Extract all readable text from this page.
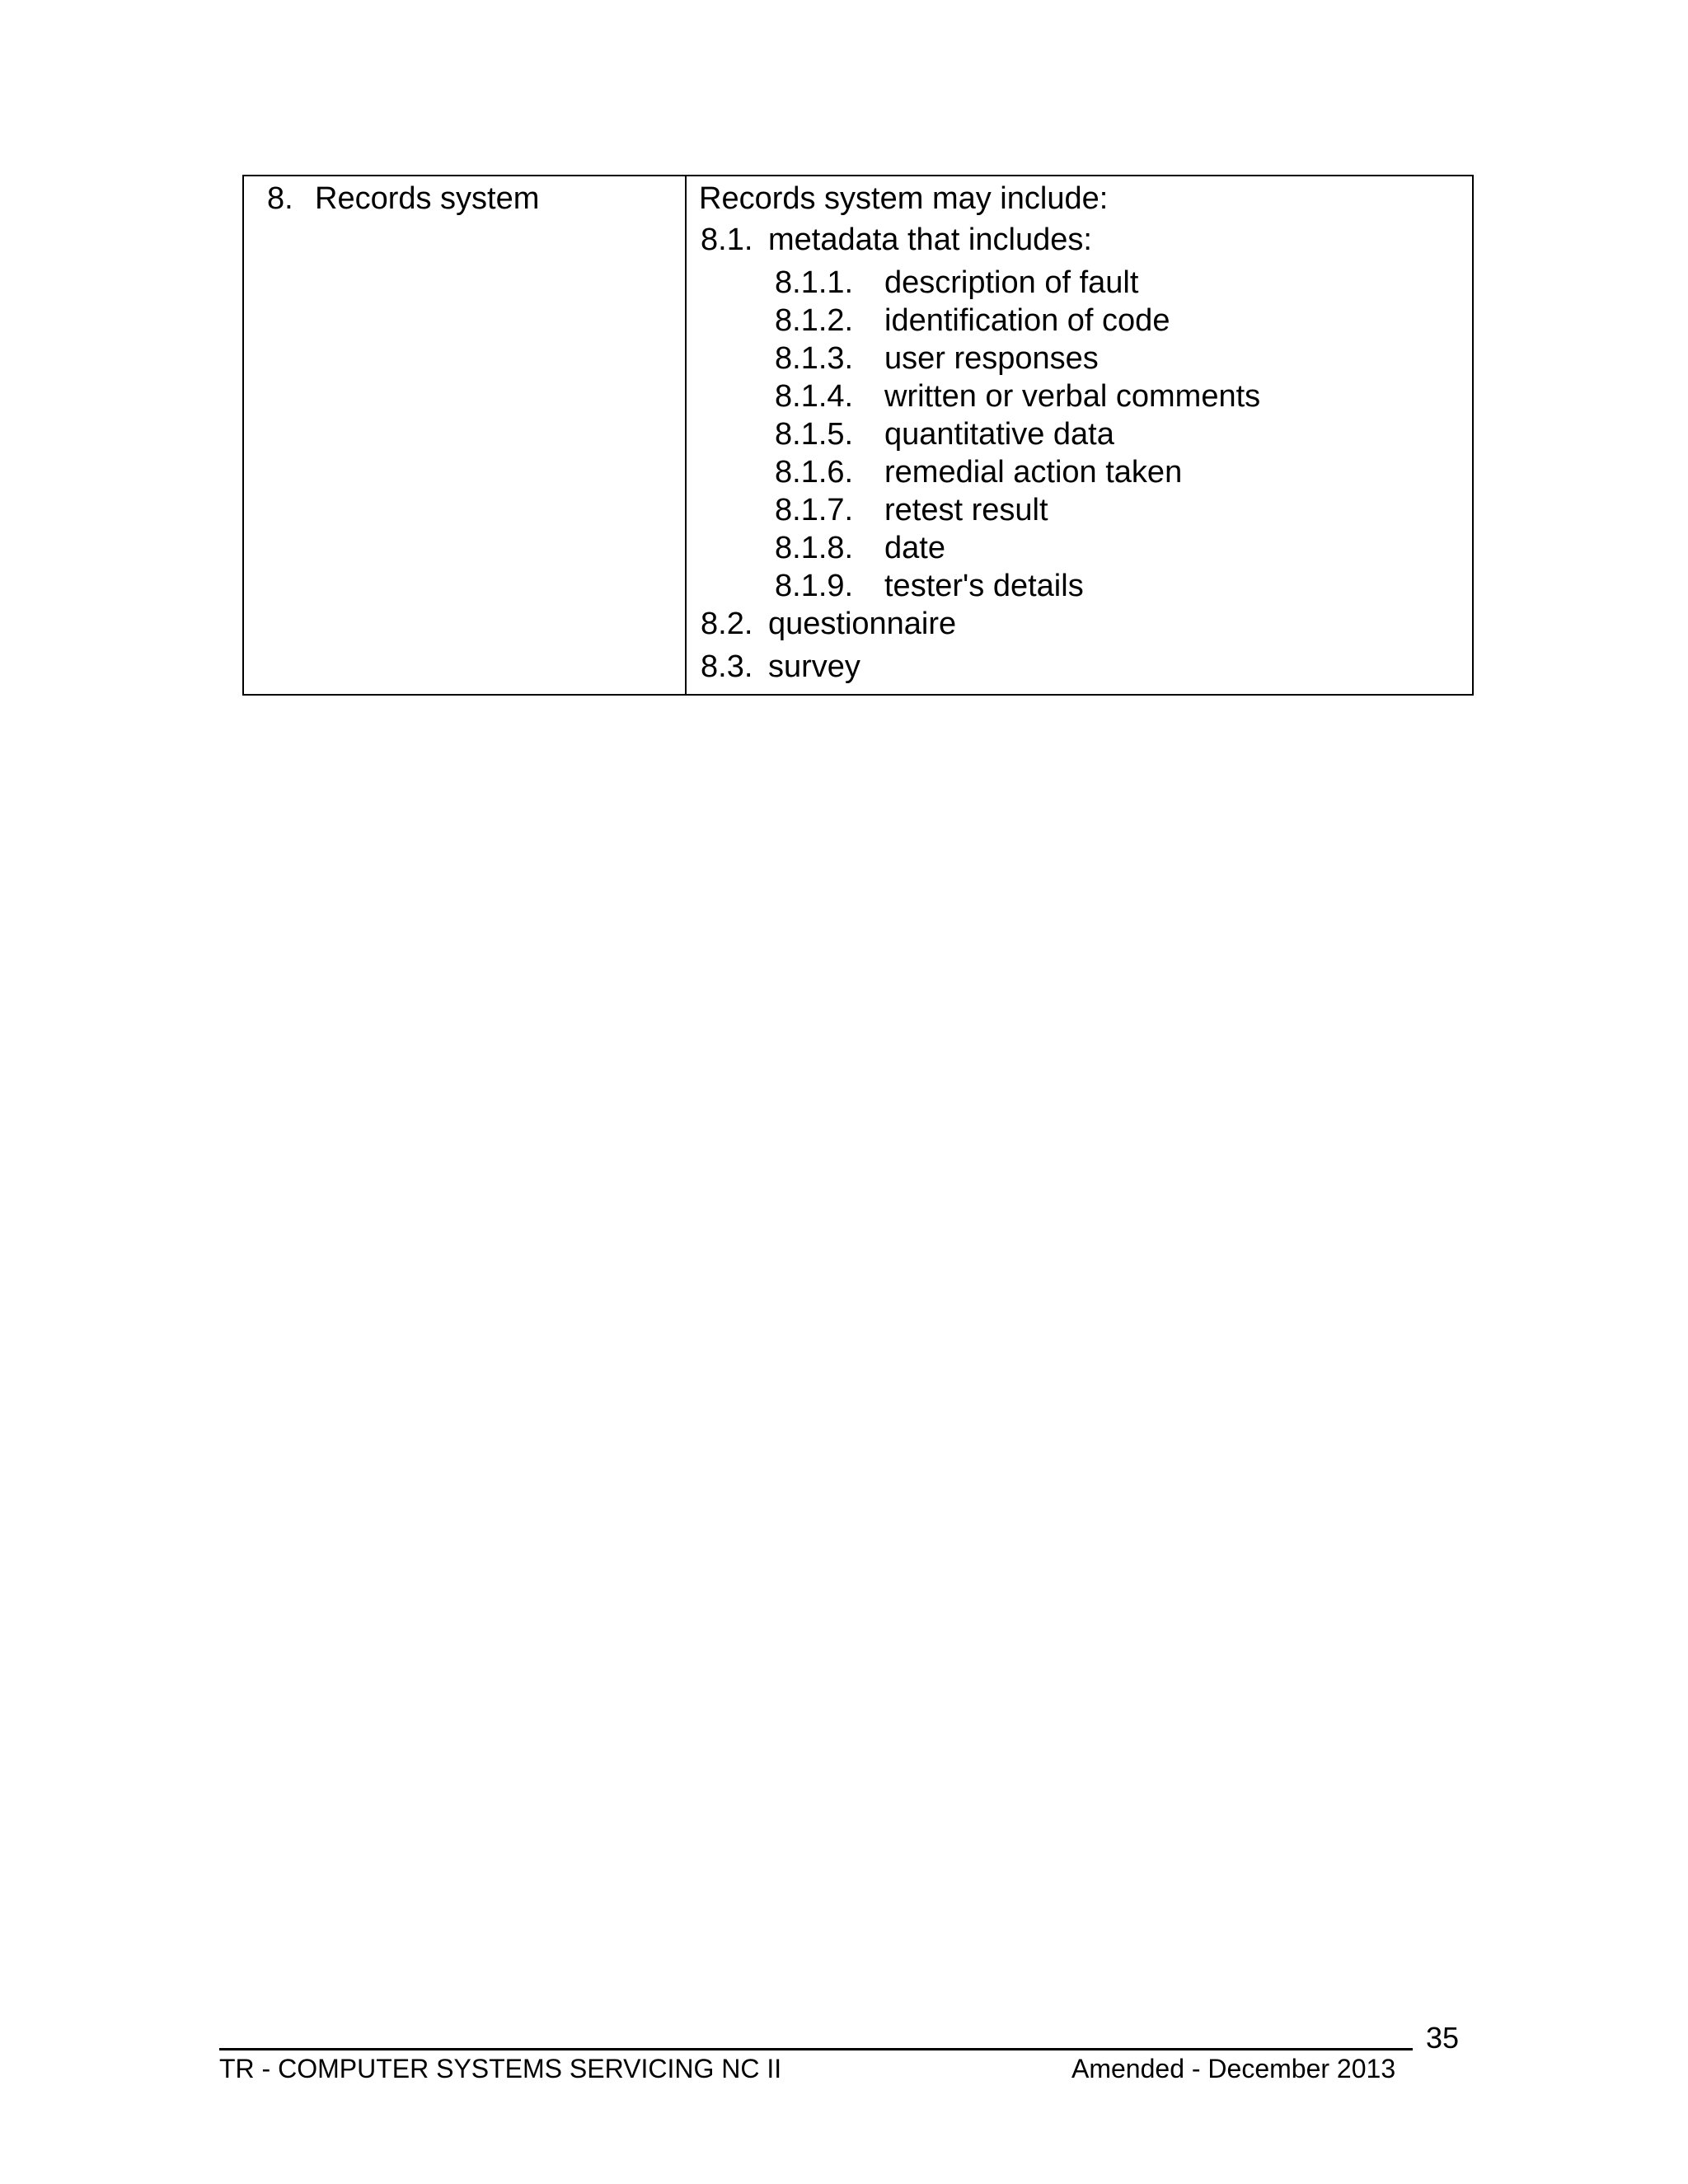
8. Records system	Records system may include:
8.1. metadata that includes:
8.1.1. description of fault
8.1.2. identification of code
8.1.3. user responses
8.1.4. written or verbal comments
8.1.5. quantitative data
8.1.6. remedial action taken
8.1.7. retest result
8.1.8. date
8.1.9. tester's details
8.2. questionnaire
8.3. survey
TR - COMPUTER SYSTEMS SERVICING NC II	Amended - December 2013
35
